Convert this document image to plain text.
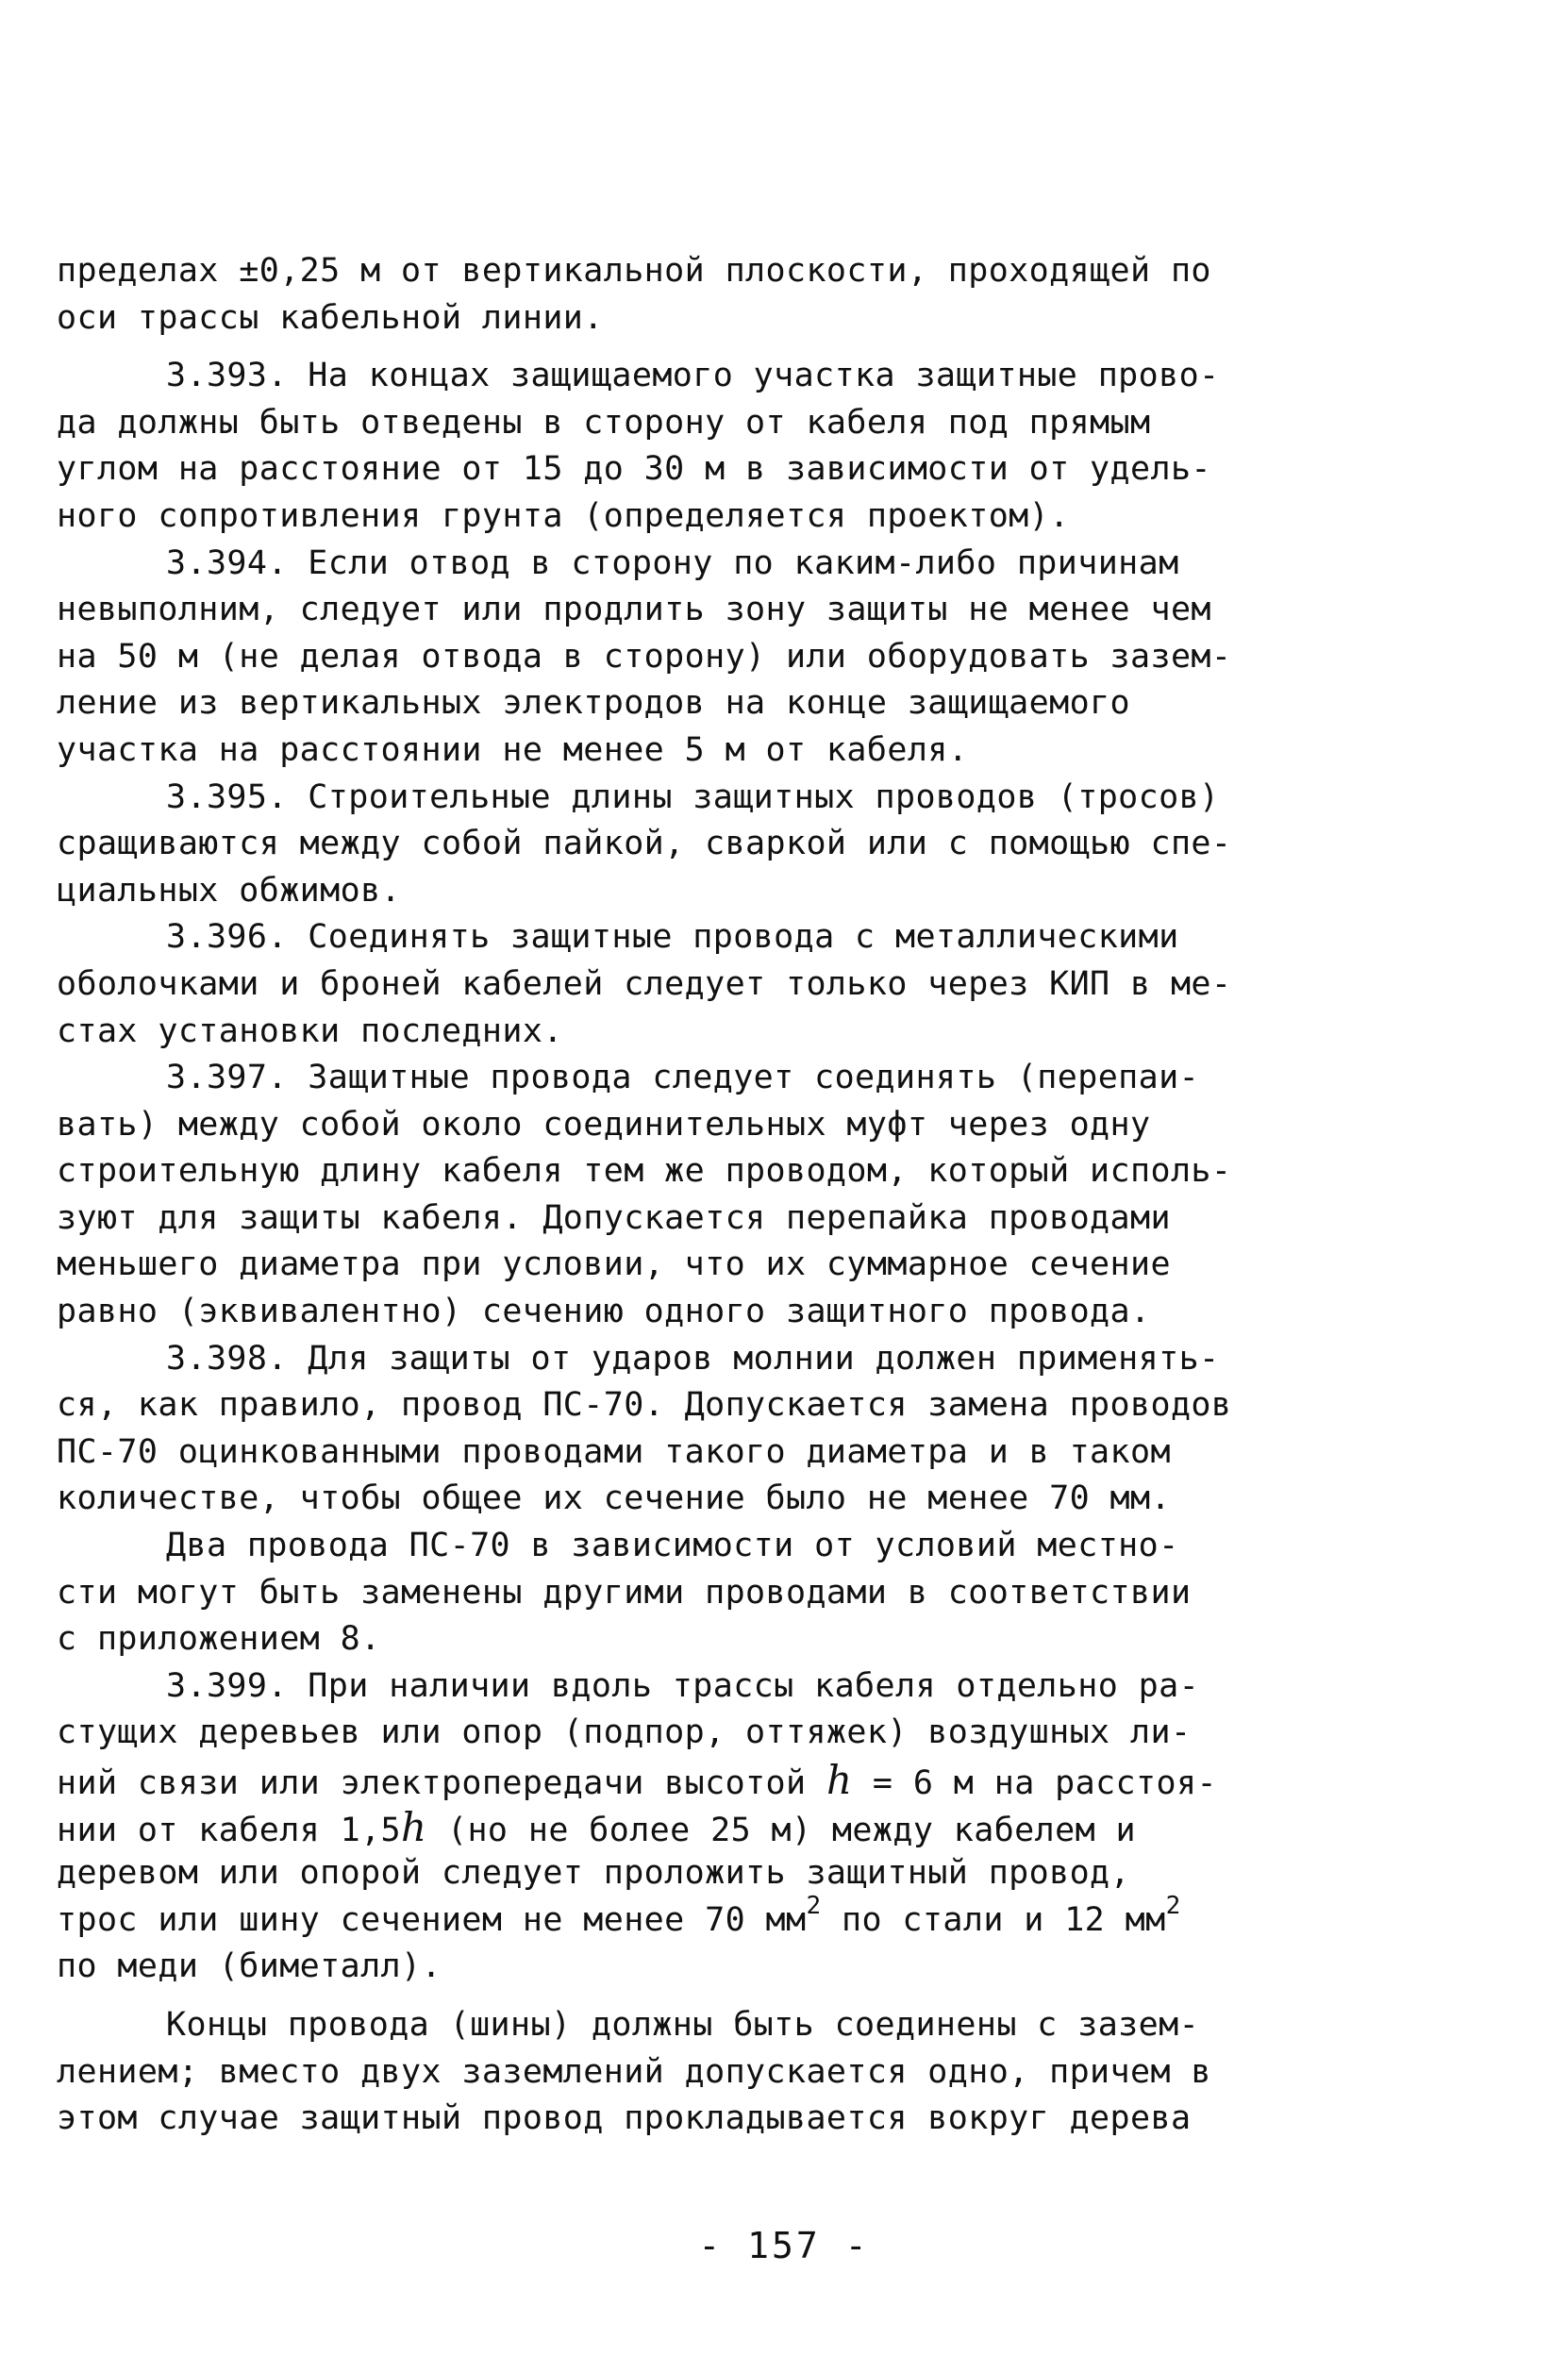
пределах ±0,25 м от вертикальной плоскости, проходящей по
оси трассы кабельной линии.
3.393. На концах защищаемого участка защитные прово-
да должны быть отведены в сторону от кабеля под прямым
углом на расстояние от 15 до 30 м в зависимости от удель-
ного сопротивления грунта (определяется проектом).
3.394. Если отвод в сторону по каким-либо причинам
невыполним, следует или продлить зону защиты не менее чем
на 50 м (не делая отвода в сторону) или оборудовать зазем-
ление из вертикальных электродов на конце защищаемого
участка на расстоянии не менее 5 м от кабеля.
3.395. Строительные длины защитных проводов (тросов)
сращиваются между собой пайкой, сваркой или с помощью спе-
циальных обжимов.
3.396. Соединять защитные провода с металлическими
оболочками и броней кабелей следует только через КИП в ме-
стах установки последних.
3.397. Защитные провода следует соединять (перепаи-
вать) между собой около соединительных муфт через одну
строительную длину кабеля тем же проводом, который исполь-
зуют для защиты кабеля. Допускается перепайка проводами
меньшего диаметра при условии, что их суммарное сечение
равно (эквивалентно) сечению одного защитного провода.
3.398. Для защиты от ударов молнии должен применять-
ся, как правило, провод ПС-70. Допускается замена проводов
ПС-70 оцинкованными проводами такого диаметра и в таком
количестве, чтобы общее их сечение было не менее 70 мм.
Два провода ПС-70 в зависимости от условий местно-
сти могут быть заменены другими проводами в соответствии
с приложением 8.
3.399. При наличии вдоль трассы кабеля отдельно ра-
стущих деревьев или опор (подпор, оттяжек) воздушных ли-
ний связи или электропередачи высотой h = 6 м на расстоя-
нии от кабеля 1,5h (но не более 25 м) между кабелем и
деревом или опорой следует проложить защитный провод,
трос или шину сечением не менее 70 $мм^2$ по стали и 12 $мм^2$
по меди (биметалл).
Концы провода (шины) должны быть соединены с зазем-
лением; вместо двух заземлений допускается одно, причем в
этом случае защитный провод прокладывается вокруг дерева
- 157 -
